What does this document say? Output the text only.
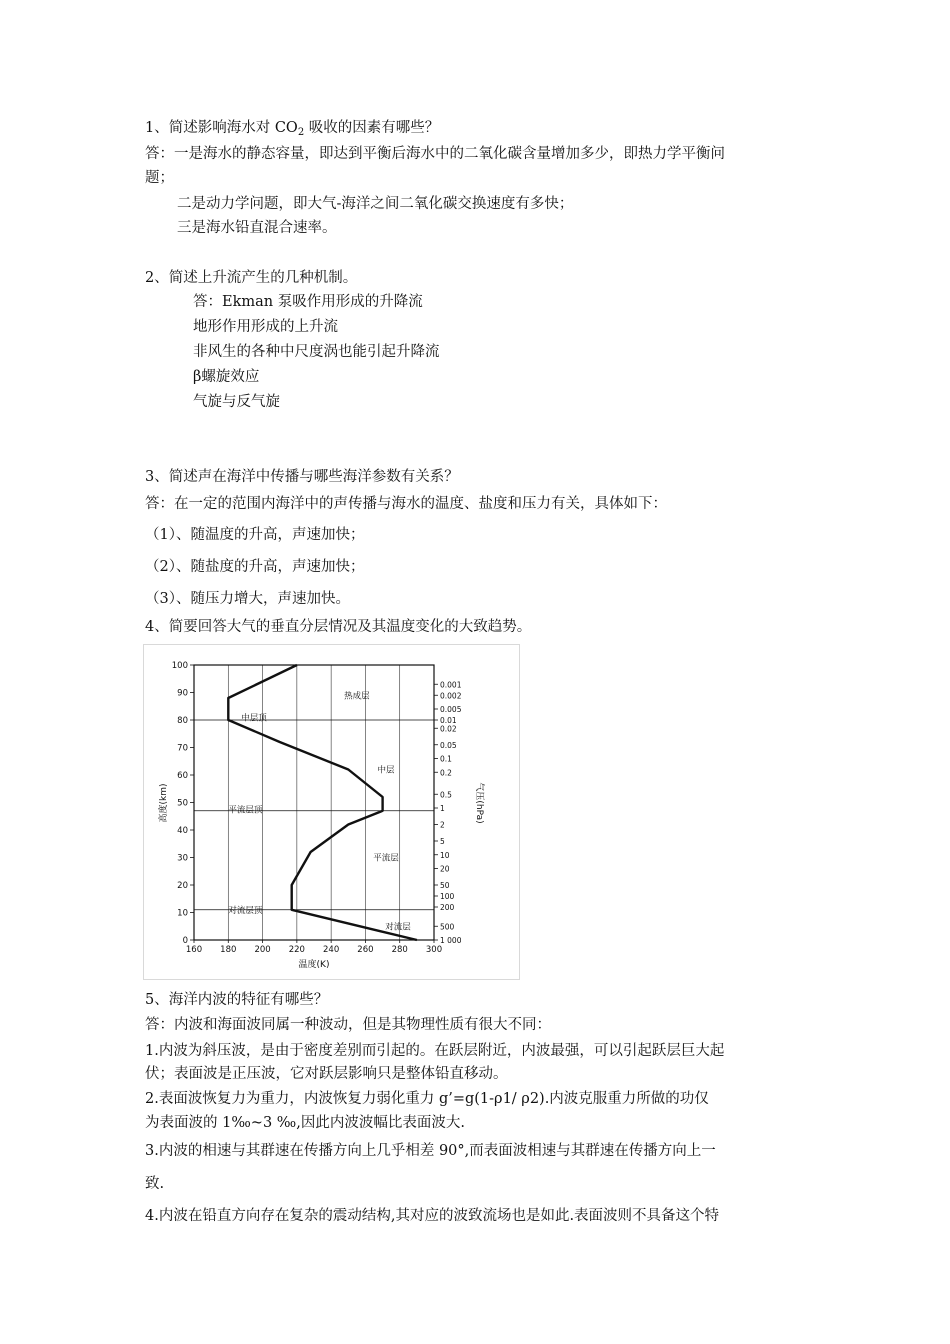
1、简述影响海水对 $CO_2$ 吸收的因素有哪些？
答：一是海水的静态容量，即达到平衡后海水中的二氧化碳含量增加多少，即热力学平衡问
题；
二是动力学问题，即大气-海洋之间二氧化碳交换速度有多快；
三是海水铅直混合速率。
2、简述上升流产生的几种机制。
答：Ekman 泵吸作用形成的升降流
地形作用形成的上升流
非风生的各种中尺度涡也能引起升降流
β螺旋效应
气旋与反气旋
3、简述声在海洋中传播与哪些海洋参数有关系？
答：在一定的范围内海洋中的声传播与海水的温度、盐度和压力有关，具体如下：
（1）、随温度的升高，声速加快；
（2）、随盐度的升高，声速加快；
（3）、随压力增大，声速加快。
4、简要回答大气的垂直分层情况及其温度变化的大致趋势。
160 180 200 220 240 260 280 300
0
10
20
30
40
50
60
70
80
90
100
0.001
0.002
0.005
0.01
0.02
0.05
0.1
0.2
0.5
1
2
5
10
20
50
100
200
500
1 000
热成层
中层顶
中层
平流层顶
平流层
对流层顶
对流层
温度(K)
高度(km)	气压(hPa)
5、海洋内波的特征有哪些？
答：内波和海面波同属一种波动，但是其物理性质有很大不同：
1.内波为斜压波，是由于密度差别而引起的。在跃层附近，内波最强，可以引起跃层巨大起
伏；表面波是正压波，它对跃层影响只是整体铅直移动。
2.表面波恢复力为重力，内波恢复力弱化重力 g’=g(1-ρ1/ ρ2).内波克服重力所做的功仅
为表面波的 1‰~3 ‰,因此内波波幅比表面波大.
3.内波的相速与其群速在传播方向上几乎相差 90°,而表面波相速与其群速在传播方向上一
致.
4.内波在铅直方向存在复杂的震动结构,其对应的波致流场也是如此.表面波则不具备这个特
